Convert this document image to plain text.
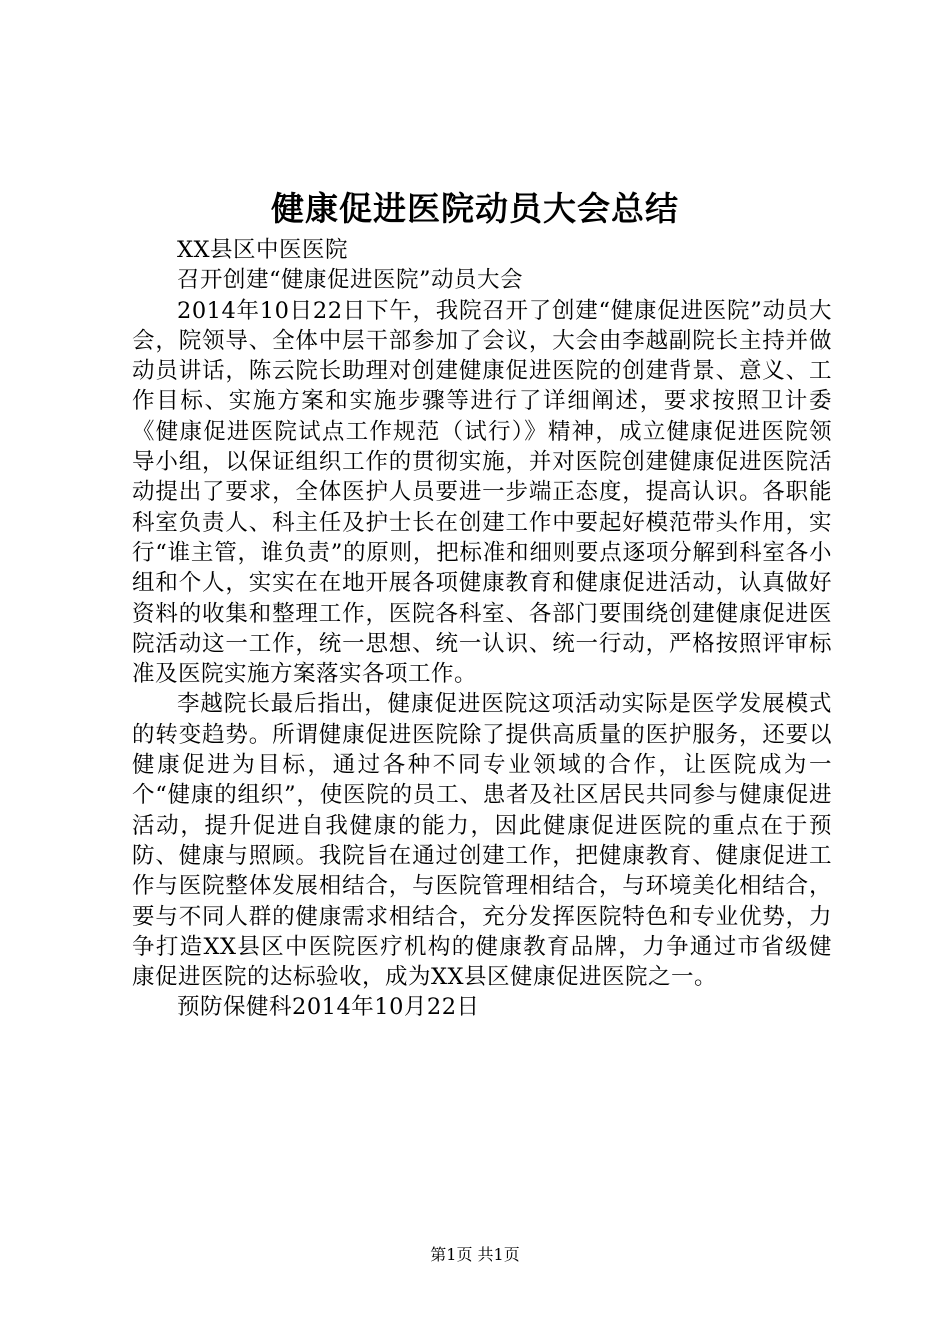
健康促进医院动员大会总结

XX县区中医医院

召开创建“健康促进医院”动员大会

2014年10日22日下午，我院召开了创建“健康促进医院”动员大会，院领导、全体中层干部参加了会议，大会由李越副院长主持并做动员讲话，陈云院长助理对创建健康促进医院的创建背景、意义、工作目标、实施方案和实施步骤等进行了详细阐述，要求按照卫计委《健康促进医院试点工作规范（试行）》精神，成立健康促进医院领导小组，以保证组织工作的贯彻实施，并对医院创建健康促进医院活动提出了要求，全体医护人员要进一步端正态度，提高认识。各职能科室负责人、科主任及护士长在创建工作中要起好模范带头作用，实行“谁主管，谁负责”的原则，把标准和细则要点逐项分解到科室各小组和个人，实实在在地开展各项健康教育和健康促进活动，认真做好资料的收集和整理工作，医院各科室、各部门要围绕创建健康促进医院活动这一工作，统一思想、统一认识、统一行动，严格按照评审标准及医院实施方案落实各项工作。

李越院长最后指出，健康促进医院这项活动实际是医学发展模式的转变趋势。所谓健康促进医院除了提供高质量的医护服务，还要以健康促进为目标，通过各种不同专业领域的合作，让医院成为一个“健康的组织”，使医院的员工、患者及社区居民共同参与健康促进活动，提升促进自我健康的能力，因此健康促进医院的重点在于预防、健康与照顾。我院旨在通过创建工作，把健康教育、健康促进工作与医院整体发展相结合，与医院管理相结合，与环境美化相结合，要与不同人群的健康需求相结合，充分发挥医院特色和专业优势，力争打造XX县区中医院医疗机构的健康教育品牌，力争通过市省级健康促进医院的达标验收，成为XX县区健康促进医院之一。

预防保健科2014年10月22日

第1页 共1页
